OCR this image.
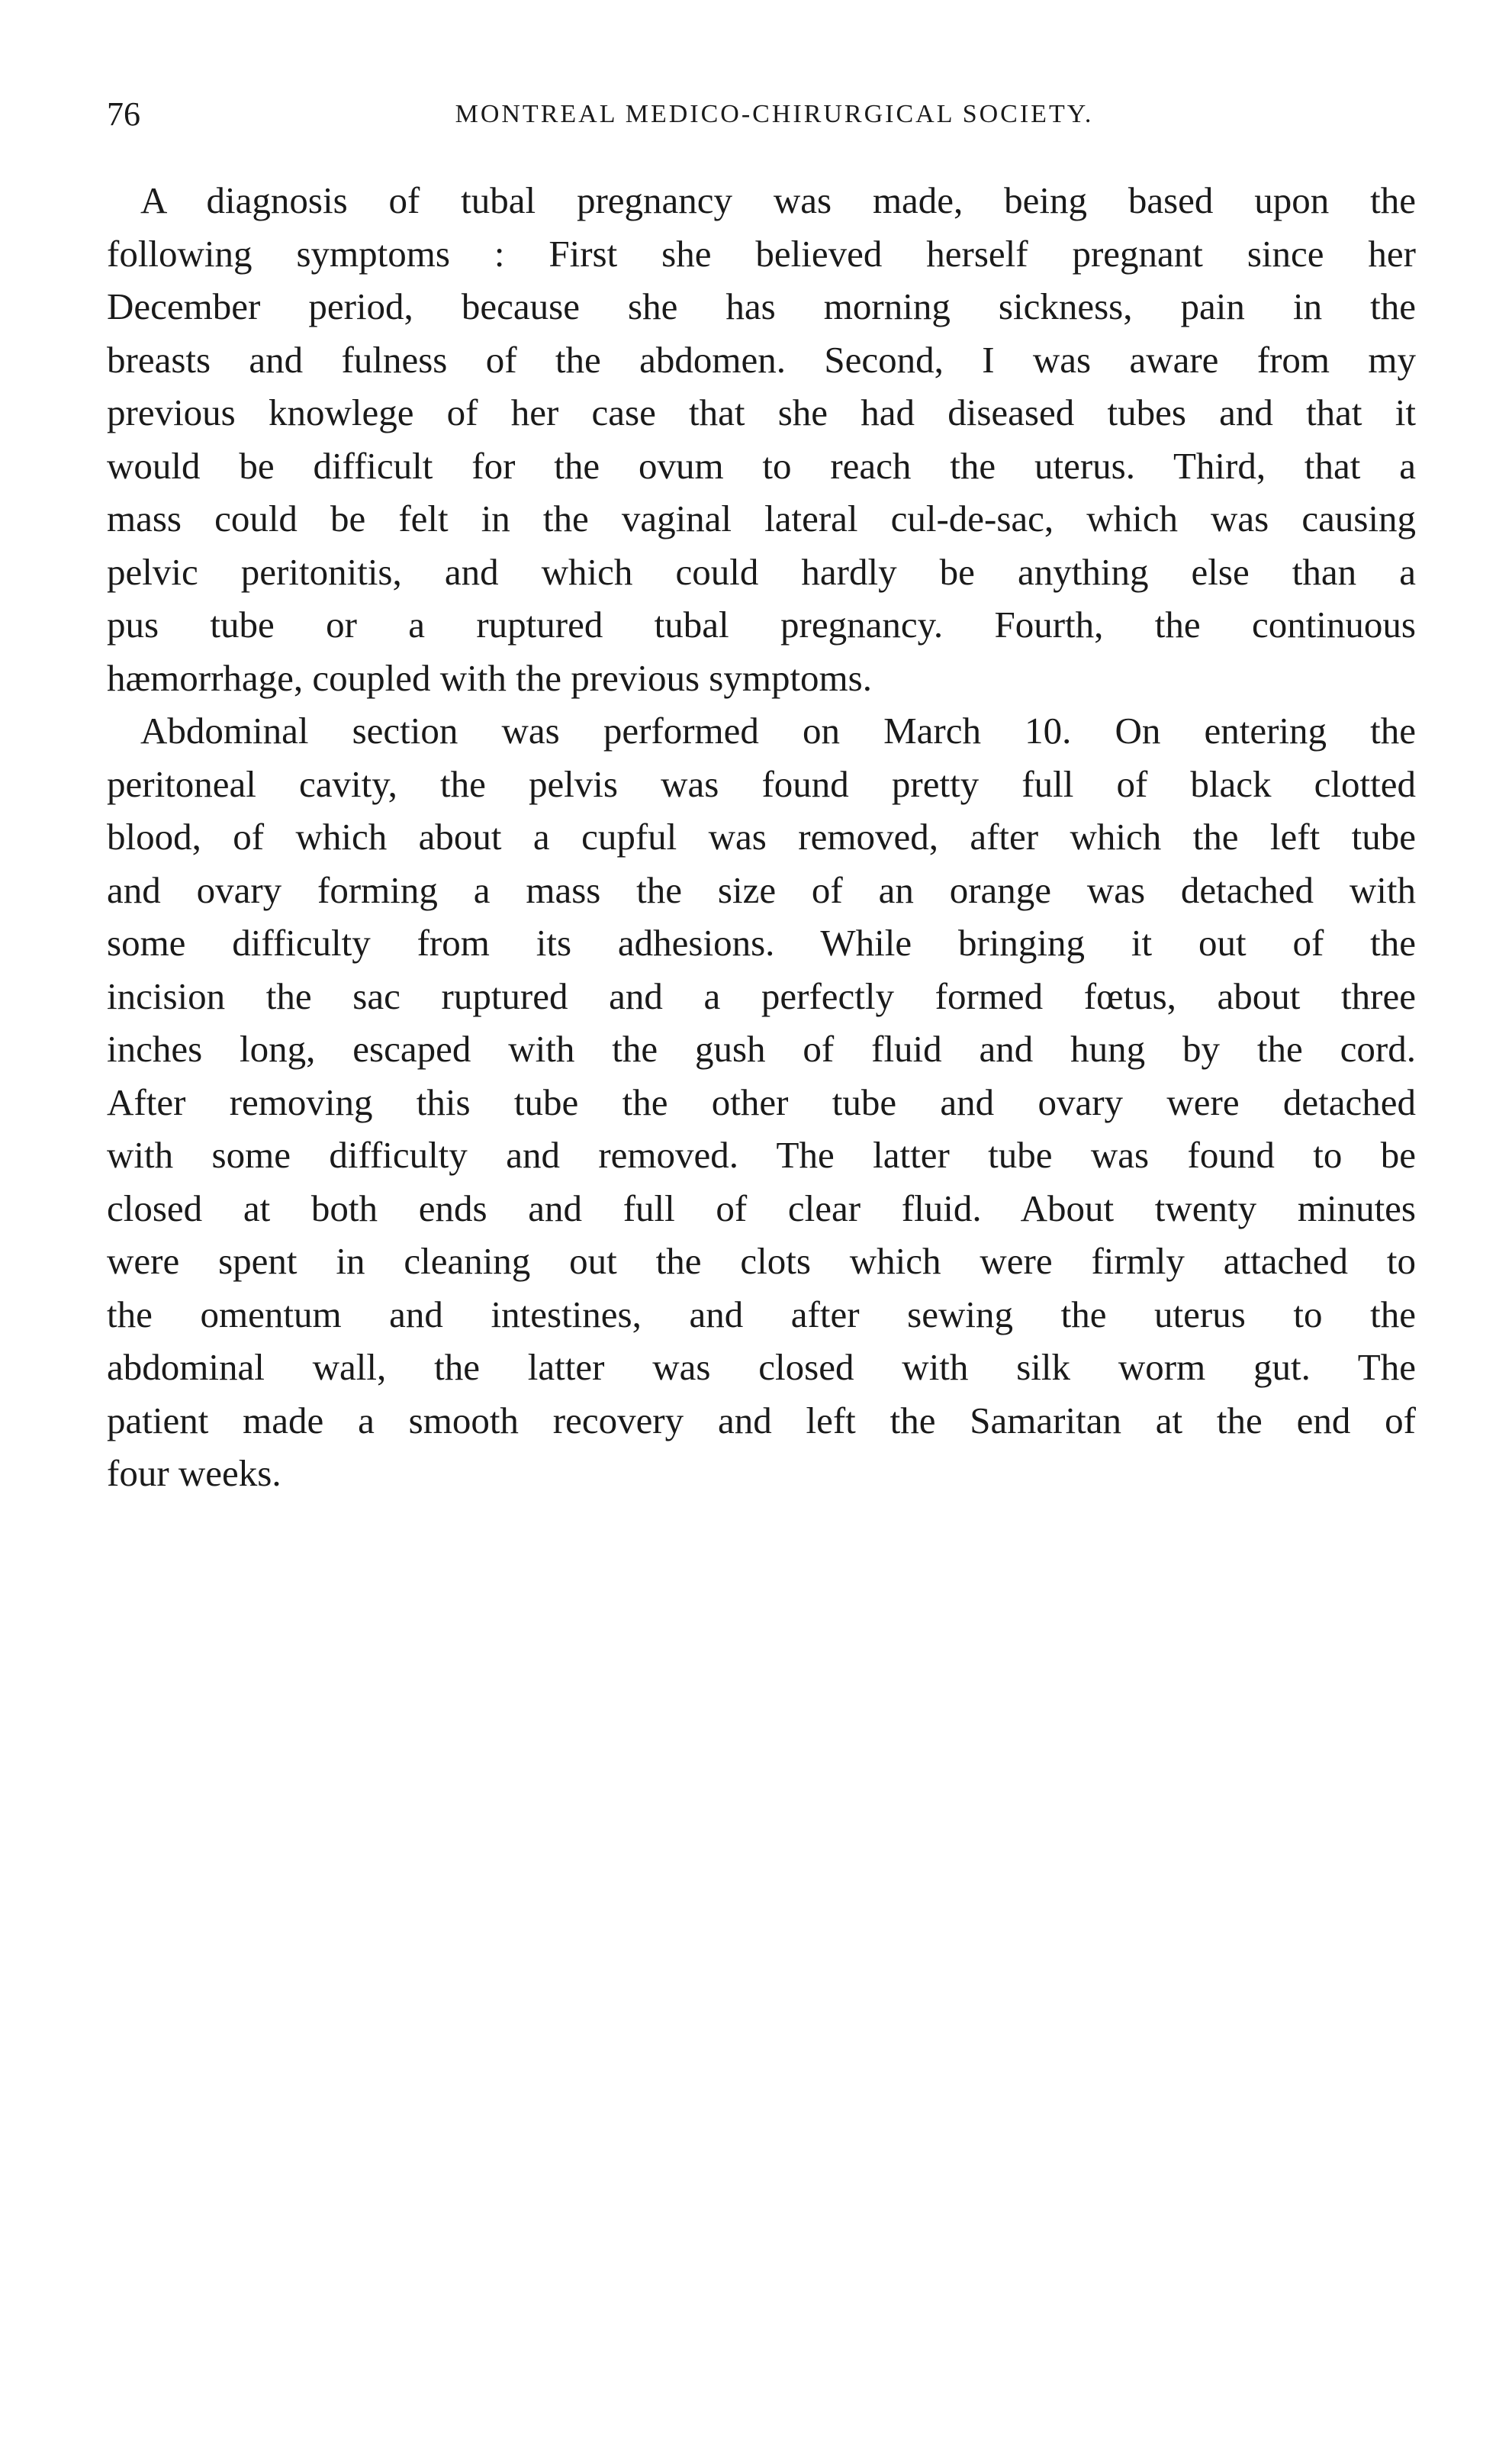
76	MONTREAL MEDICO-CHIRURGICAL SOCIETY.
A diagnosis of tubal pregnancy was made, being based upon the
following symptoms : First she believed herself pregnant since her
December period, because she has morning sickness, pain in the
breasts and fulness of the abdomen. Second, I was aware from my
previous knowlege of her case that she had diseased tubes and that it
would be difficult for the ovum to reach the uterus. Third, that a
mass could be felt in the vaginal lateral cul-de-sac, which was causing
pelvic peritonitis, and which could hardly be anything else than a
pus tube or a ruptured tubal pregnancy. Fourth, the continuous
hæmorrhage, coupled with the previous symptoms.
Abdominal section was performed on March 10. On entering the
peritoneal cavity, the pelvis was found pretty full of black clotted
blood, of which about a cupful was removed, after which the left tube
and ovary forming a mass the size of an orange was detached with
some difficulty from its adhesions. While bringing it out of the
incision the sac ruptured and a perfectly formed fœtus, about three
inches long, escaped with the gush of fluid and hung by the cord.
After removing this tube the other tube and ovary were detached
with some difficulty and removed. The latter tube was found to be
closed at both ends and full of clear fluid. About twenty minutes
were spent in cleaning out the clots which were firmly attached to
the omentum and intestines, and after sewing the uterus to the
abdominal wall, the latter was closed with silk worm gut. The
patient made a smooth recovery and left the Samaritan at the end of
four weeks.
